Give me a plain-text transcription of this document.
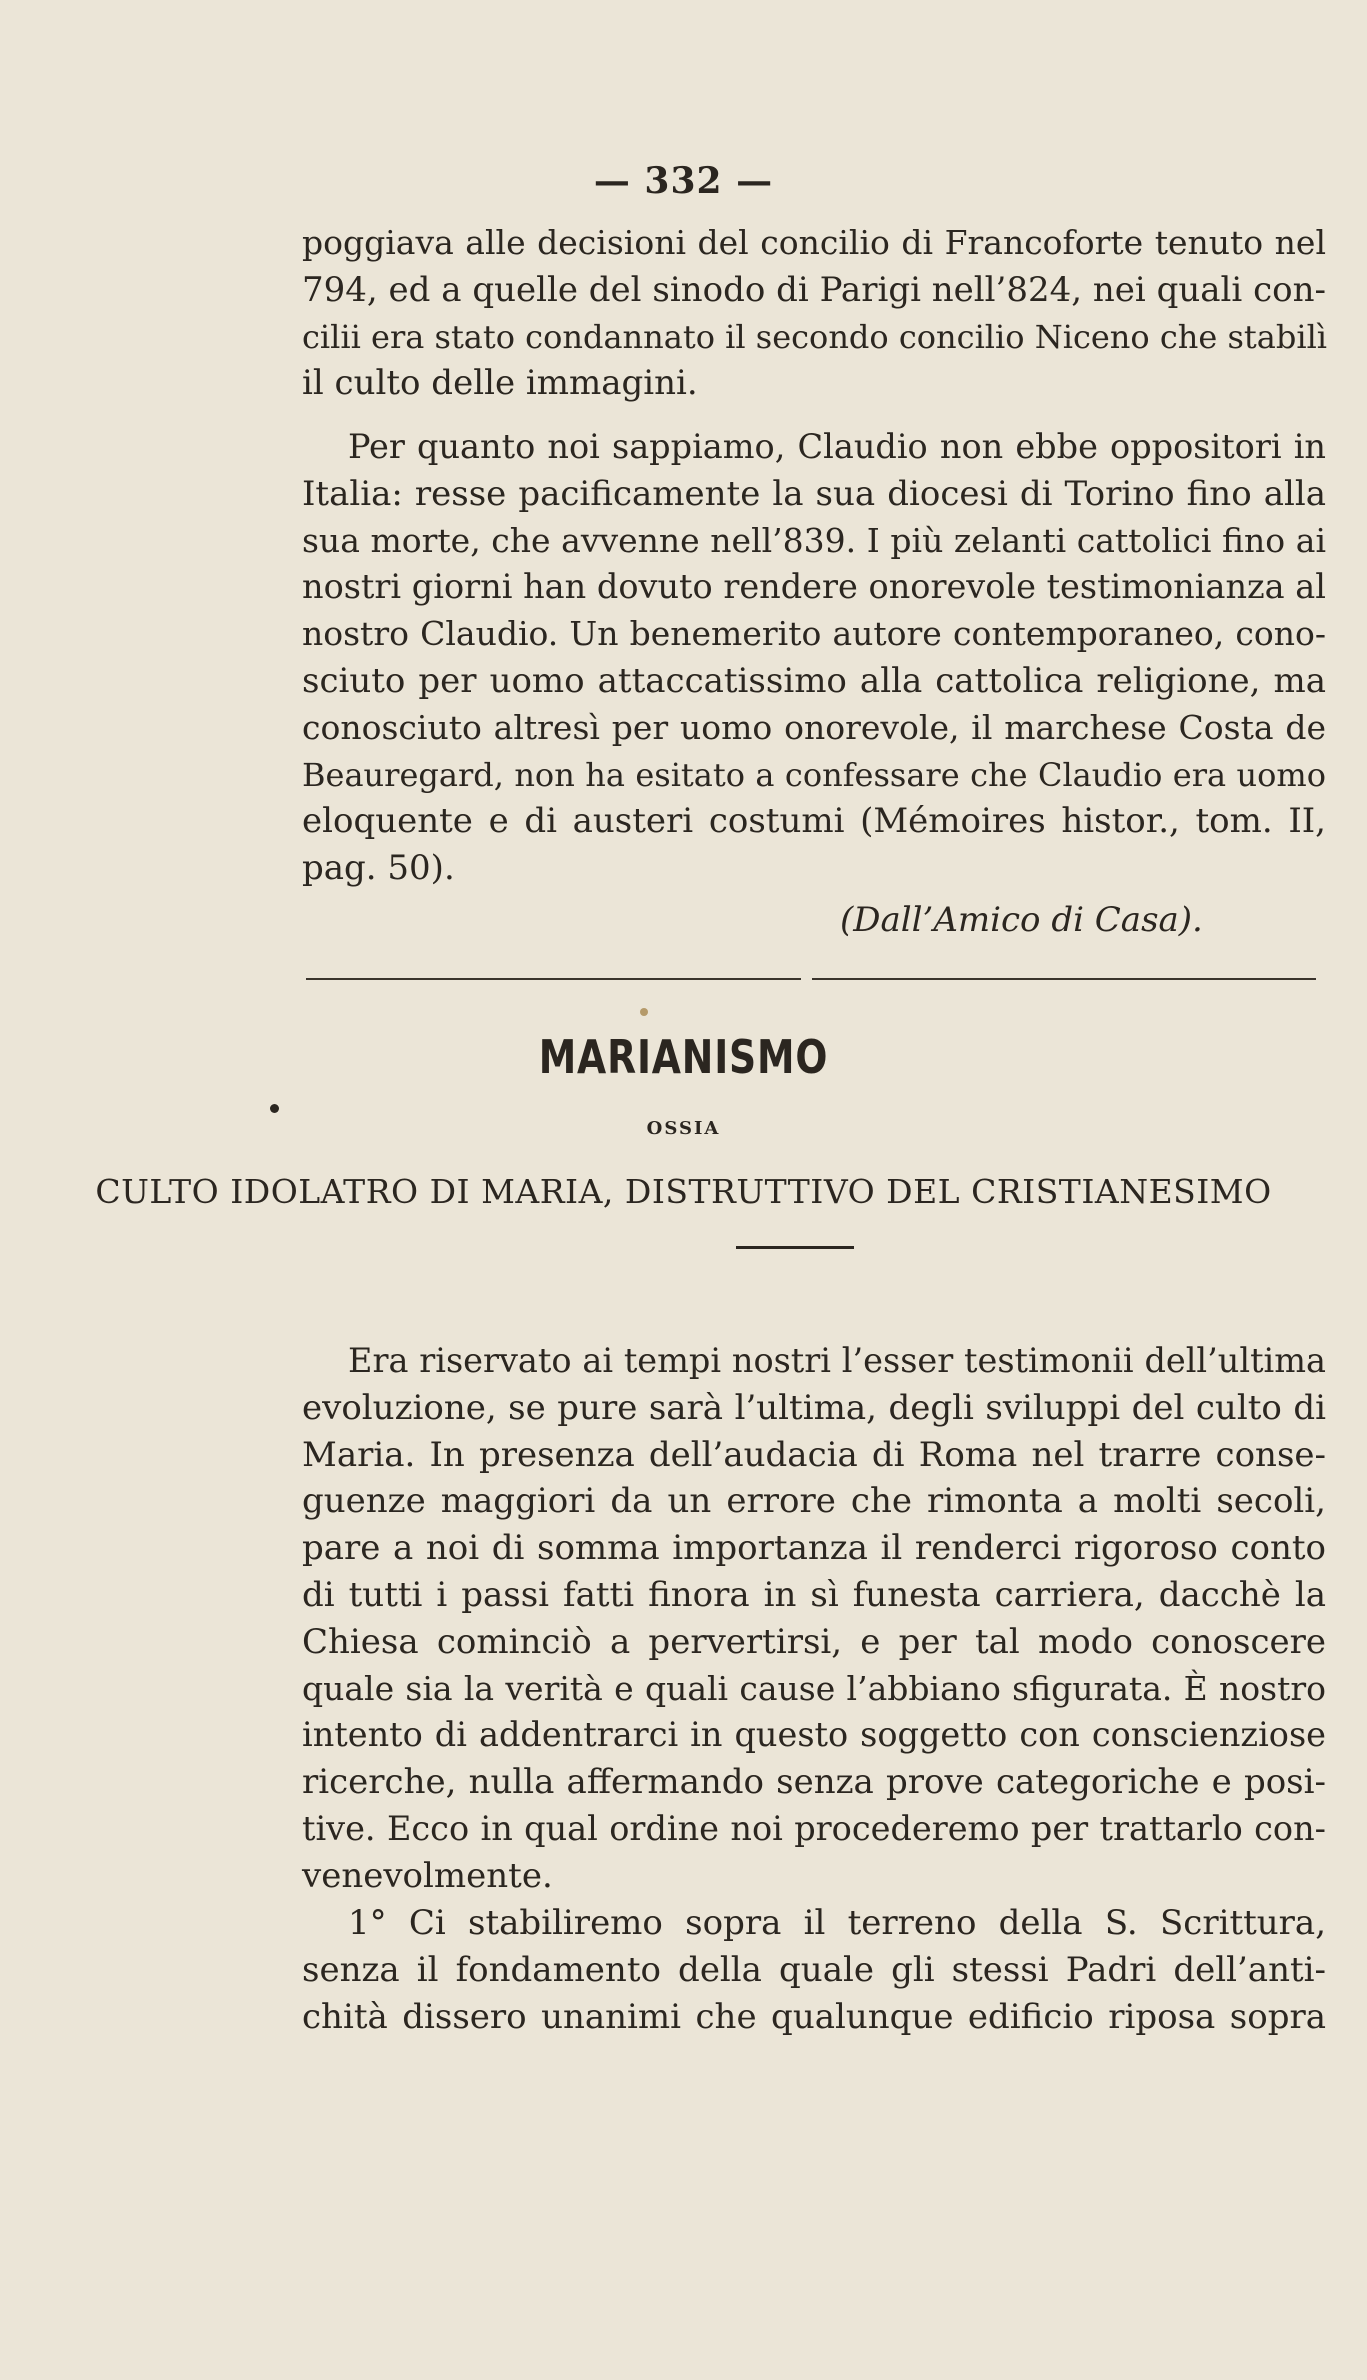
— 332 —

poggiava alle decisioni del concilio di Francoforte tenuto nel
794, ed a quelle del sinodo di Parigi nell’824, nei quali con-
cilii era stato condannato il secondo concilio Niceno che stabilì
il culto delle immagini.

Per quanto noi sappiamo, Claudio non ebbe oppositori in
Italia: resse pacificamente la sua diocesi di Torino fino alla
sua morte, che avvenne nell’839. I più zelanti cattolici fino ai
nostri giorni han dovuto rendere onorevole testimonianza al
nostro Claudio. Un benemerito autore contemporaneo, cono-
sciuto per uomo attaccatissimo alla cattolica religione, ma
conosciuto altresì per uomo onorevole, il marchese Costa de
Beauregard, non ha esitato a confessare che Claudio era uomo
eloquente e di austeri costumi (Mémoires histor., tom. II,
pag. 50).

(Dall’Amico di Casa).
MARIANISMO
OSSIA
CULTO IDOLATRO DI MARIA, DISTRUTTIVO DEL CRISTIANESIMO

Era riservato ai tempi nostri l’esser testimonii dell’ultima
evoluzione, se pure sarà l’ultima, degli sviluppi del culto di
Maria. In presenza dell’audacia di Roma nel trarre conse-
guenze maggiori da un errore che rimonta a molti secoli,
pare a noi di somma importanza il renderci rigoroso conto
di tutti i passi fatti finora in sì funesta carriera, dacchè la
Chiesa cominciò a pervertirsi, e per tal modo conoscere
quale sia la verità e quali cause l’abbiano sfigurata. È nostro
intento di addentrarci in questo soggetto con conscienziose
ricerche, nulla affermando senza prove categoriche e posi-
tive. Ecco in qual ordine noi procederemo per trattarlo con-
venevolmente.

1° Ci stabiliremo sopra il terreno della S. Scrittura,
senza il fondamento della quale gli stessi Padri dell’anti-
chità dissero unanimi che qualunque edificio riposa sopra
